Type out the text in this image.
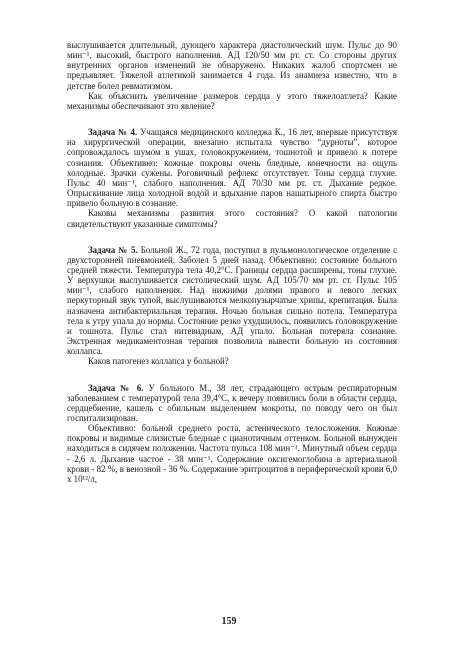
выслушивается длительный, дующего характера диастолический шум. Пульс до 90 мин⁻¹, высокий, быстрого наполнения. АД 120/50 мм рт. ст. Со стороны других внутренних органов изменений не обнаружено. Никаких жалоб спортсмен не предъявляет. Тяжелой атлетикой занимается 4 года. Из анамнеза известно, что в детстве болел ревматизмом.

Как объяснить увеличение размеров сердца у этого тяжелоатлета? Какие механизмы обеспечивают это явление?

Задача № 4. Учащаяся медицинского колледжа К., 16 лет, впервые присутствуя на хирургической операции, внезапно испытала чувство “дурноты”, которое сопровождалось шумом в ушах, головокружением, тошнотой и привело к потере сознания. Объективно: кожные покровы очень бледные, конечности на ощупь холодные. Зрачки сужены. Роговичный рефлекс отсутствует. Тоны сердца глухие. Пульс 40 мин⁻¹, слабого наполнения. АД 70/30 мм рт. ст. Дыхание редкое. Опрыскивание лица холодной водой и вдыхание паров нашатырного спирта быстро привело больную в сознание.

Каковы механизмы развития этого состояния? О какой патологии свидетельствуют указанные симптомы?

Задача № 5. Больной Ж., 72 года, поступил в пульмонологическое отделение с двухсторонней пневмонией. Заболел 5 дней назад. Объективно: состояние больного средней тяжести. Температура тела 40,2°С. Границы сердца расширены, тоны глухие. У верхушки выслушивается систолический шум. АД 105/70 мм рт. ст. Пульс 105 мин⁻¹, слабого наполнения. Над нижними долями правого и левого легких перкуторный звук тупой, выслушиваются мелкопузырчатые хрипы, крепитация. Была назначена антибактериальная терапия. Ночью больная сильно потела. Температура тела к утру упала до нормы. Состояние резко ухудшилось, появились головокружение и тошнота. Пульс стал нитевидным, АД упало. Больная потеряла сознание. Экстренная медикаментозная терапия позволила вывести больную из состояния коллапса.

Каков патогенез коллапса у больной?

Задача № 6. У больного М., 38 лет, страдающего острым респираторным заболеванием с температурой тела 39,4°С, к вечеру появились боли в области сердца, сердцебиение, кашель с обильным выделением мокроты, по поводу чего он был госпитализирован.

Объективно: больной среднего роста, астенического телосложения. Кожные покровы и видимые слизистые бледные с цианотичным оттенком. Больной вынужден находиться в сидячем положении. Частота пульса 108 мин⁻¹. Минутный объем сердца - 2,6 л. Дыхание частое - 38 мин⁻¹. Содержание оксигемоглобина в артериальной крови - 82 %, в венозной - 36 %. Содержание эритроцитов в периферической крови 6,0 х 10¹²/л,

159
